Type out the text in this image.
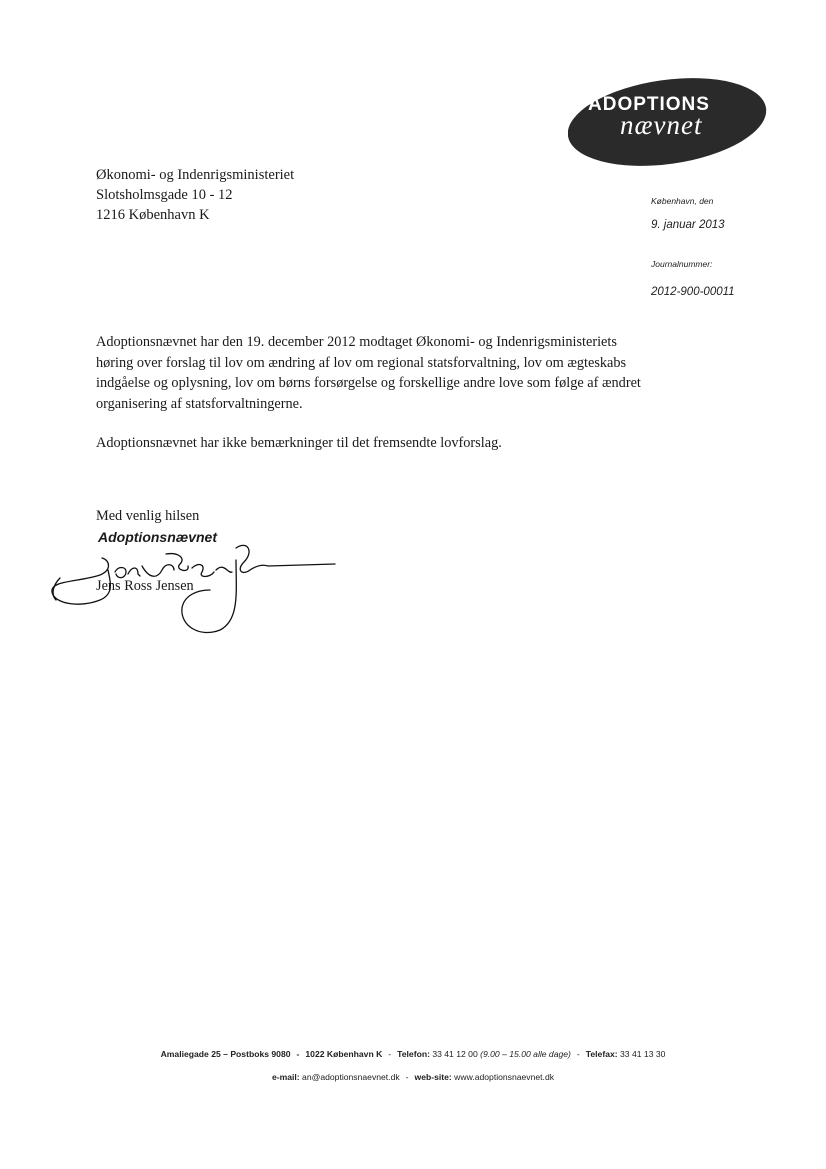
ADOPTIONS
nævnet
Økonomi- og Indenrigsministeriet
Slotsholmsgade 10 - 12
1216 København K
København, den
9. januar 2013
Journalnummer:
2012-900-00011

Adoptionsnævnet har den 19. december 2012 modtaget Økonomi- og Indenrigsministeriets høring over forslag til lov om ændring af lov om regional statsforvaltning, lov om ægteskabs indgåelse og oplysning, lov om børns forsørgelse og forskellige andre love som følge af ændret organisering af statsforvaltningerne.

Adoptionsnævnet har ikke bemærkninger til det fremsendte lovforslag.

Med venlig hilsen
Adoptionsnævnet
Jens Ross Jensen
Amaliegade 25 – Postboks 9080 - 1022 København K - Telefon: 33 41 12 00 (9.00 – 15.00 alle dage) - Telefax: 33 41 13 30
e-mail: an@adoptionsnaevnet.dk - web-site: www.adoptionsnaevnet.dk
